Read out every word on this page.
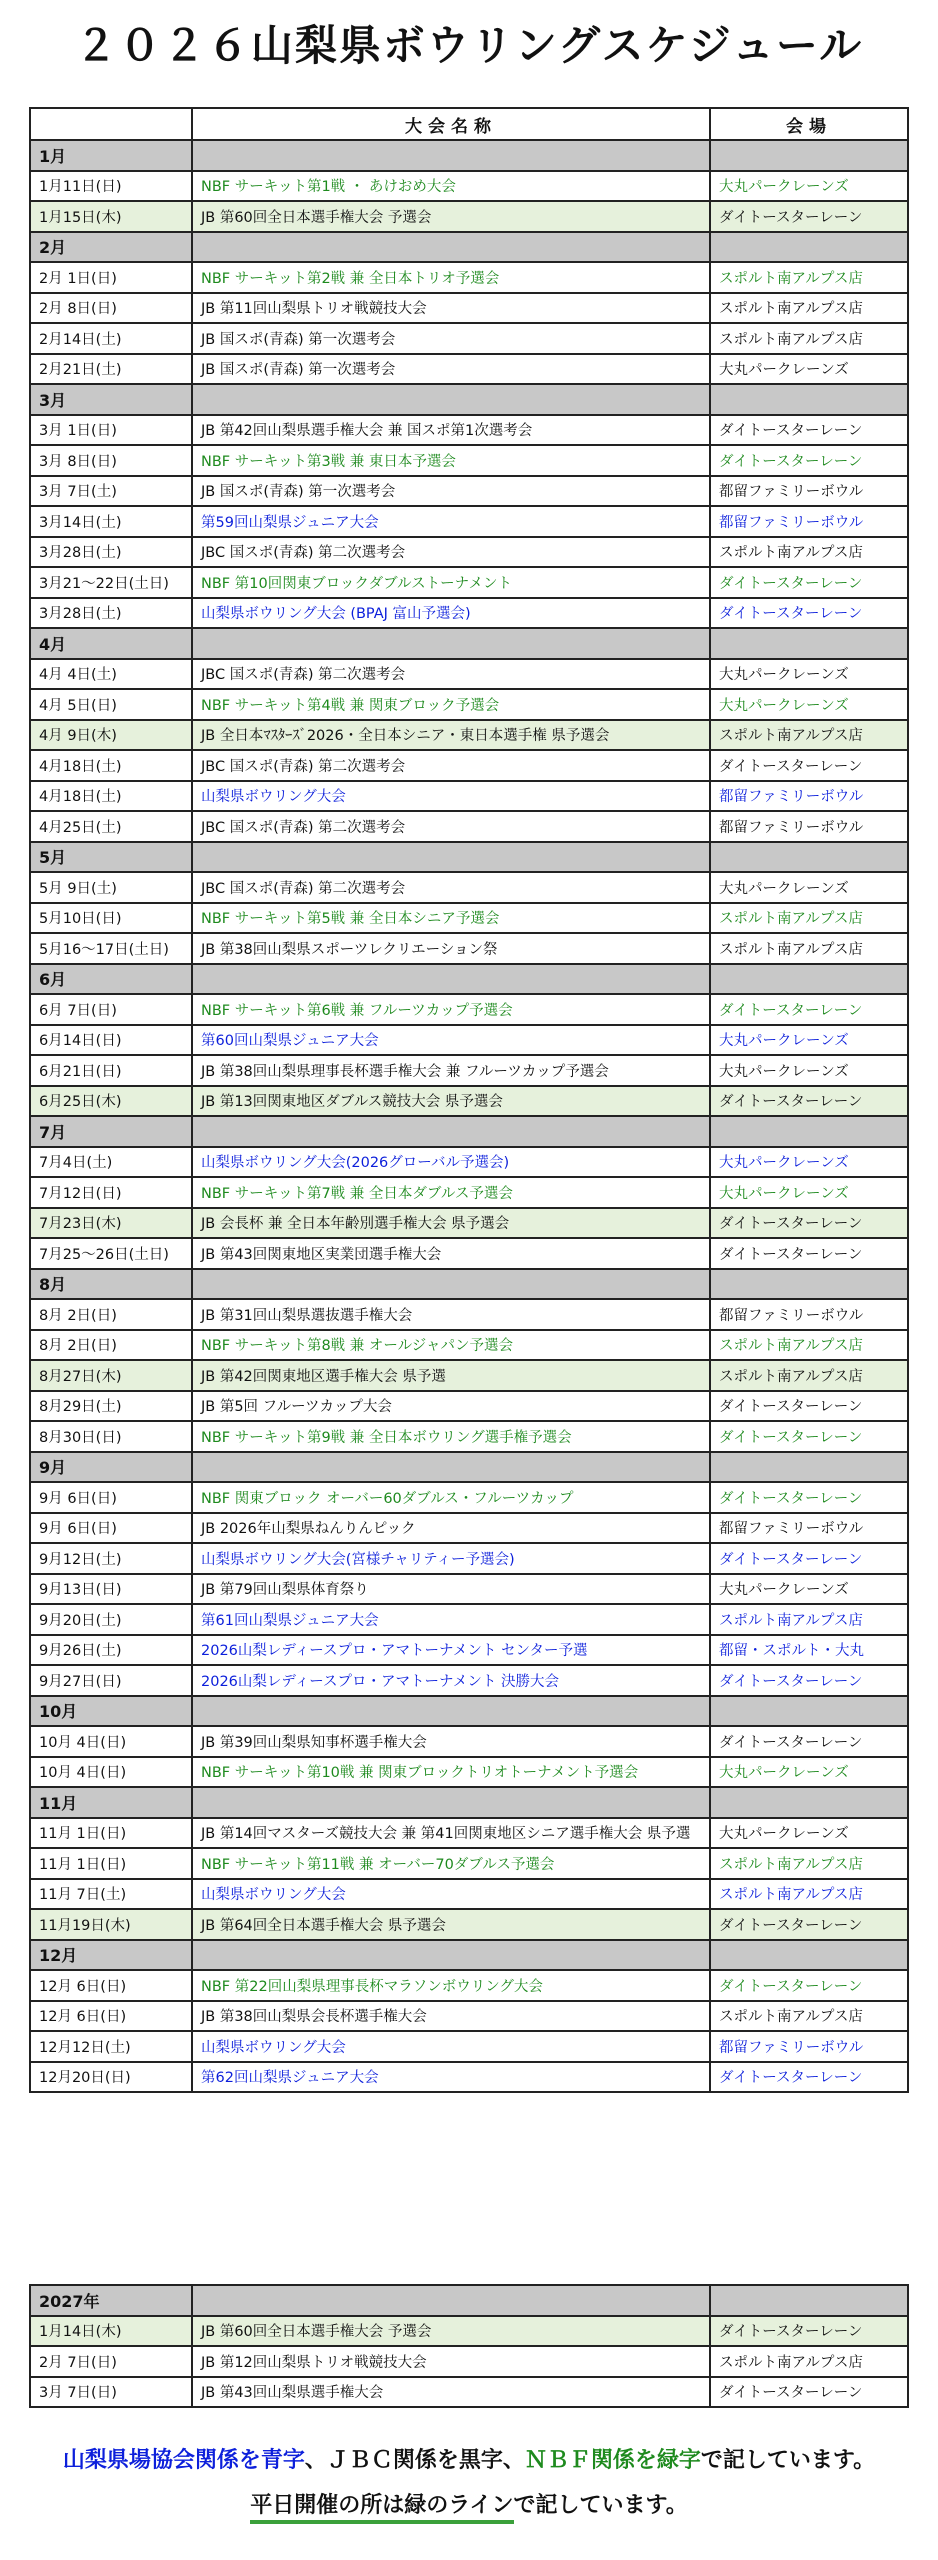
２０２６山梨県ボウリングスケジュール
	大会名称	会場
1月		
1月11日(日)	NBF サーキット第1戦 ・ あけおめ大会	大丸パークレーンズ
1月15日(木)	JB 第60回全日本選手権大会 予選会	ダイトースターレーン
2月		
2月 1日(日)	NBF サーキット第2戦 兼 全日本トリオ予選会	スポルト南アルプス店
2月 8日(日)	JB 第11回山梨県トリオ戦競技大会	スポルト南アルプス店
2月14日(土)	JB 国スポ(青森) 第一次選考会	スポルト南アルプス店
2月21日(土)	JB 国スポ(青森) 第一次選考会	大丸パークレーンズ
3月		
3月 1日(日)	JB 第42回山梨県選手権大会 兼 国スポ第1次選考会	ダイトースターレーン
3月 8日(日)	NBF サーキット第3戦 兼 東日本予選会	ダイトースターレーン
3月 7日(土)	JB 国スポ(青森) 第一次選考会	都留ファミリーボウル
3月14日(土)	第59回山梨県ジュニア大会	都留ファミリーボウル
3月28日(土)	JBC 国スポ(青森) 第二次選考会	スポルト南アルプス店
3月21～22日(土日)	NBF 第10回関東ブロックダブルストーナメント	ダイトースターレーン
3月28日(土)	山梨県ボウリング大会 (BPAJ 富山予選会)	ダイトースターレーン
4月		
4月 4日(土)	JBC 国スポ(青森) 第二次選考会	大丸パークレーンズ
4月 5日(日)	NBF サーキット第4戦 兼 関東ブロック予選会	大丸パークレーンズ
4月 9日(木)	JB 全日本ﾏｽﾀｰｽﾞ2026・全日本シニア・東日本選手権 県予選会	スポルト南アルプス店
4月18日(土)	JBC 国スポ(青森) 第二次選考会	ダイトースターレーン
4月18日(土)	山梨県ボウリング大会	都留ファミリーボウル
4月25日(土)	JBC 国スポ(青森) 第二次選考会	都留ファミリーボウル
5月		
5月 9日(土)	JBC 国スポ(青森) 第二次選考会	大丸パークレーンズ
5月10日(日)	NBF サーキット第5戦 兼 全日本シニア予選会	スポルト南アルプス店
5月16～17日(土日)	JB 第38回山梨県スポーツレクリエーション祭	スポルト南アルプス店
6月		
6月 7日(日)	NBF サーキット第6戦 兼 フルーツカップ予選会	ダイトースターレーン
6月14日(日)	第60回山梨県ジュニア大会	大丸パークレーンズ
6月21日(日)	JB 第38回山梨県理事長杯選手権大会 兼 フルーツカップ予選会	大丸パークレーンズ
6月25日(木)	JB 第13回関東地区ダブルス競技大会 県予選会	ダイトースターレーン
7月		
7月4日(土)	山梨県ボウリング大会(2026グローバル予選会)	大丸パークレーンズ
7月12日(日)	NBF サーキット第7戦 兼 全日本ダブルス予選会	大丸パークレーンズ
7月23日(木)	JB 会長杯 兼 全日本年齢別選手権大会 県予選会	ダイトースターレーン
7月25～26日(土日)	JB 第43回関東地区実業団選手権大会	ダイトースターレーン
8月		
8月 2日(日)	JB 第31回山梨県選抜選手権大会	都留ファミリーボウル
8月 2日(日)	NBF サーキット第8戦 兼 オールジャパン予選会	スポルト南アルプス店
8月27日(木)	JB 第42回関東地区選手権大会 県予選	スポルト南アルプス店
8月29日(土)	JB 第5回 フルーツカップ大会	ダイトースターレーン
8月30日(日)	NBF サーキット第9戦 兼 全日本ボウリング選手権予選会	ダイトースターレーン
9月		
9月 6日(日)	NBF 関東ブロック オーバー60ダブルス・フルーツカップ	ダイトースターレーン
9月 6日(日)	JB 2026年山梨県ねんりんピック	都留ファミリーボウル
9月12日(土)	山梨県ボウリング大会(宮様チャリティー予選会)	ダイトースターレーン
9月13日(日)	JB 第79回山梨県体育祭り	大丸パークレーンズ
9月20日(土)	第61回山梨県ジュニア大会	スポルト南アルプス店
9月26日(土)	2026山梨レディースプロ・アマトーナメント センター予選	都留・スポルト・大丸
9月27日(日)	2026山梨レディースプロ・アマトーナメント 決勝大会	ダイトースターレーン
10月		
10月 4日(日)	JB 第39回山梨県知事杯選手権大会	ダイトースターレーン
10月 4日(日)	NBF サーキット第10戦 兼 関東ブロックトリオトーナメント予選会	大丸パークレーンズ
11月		
11月 1日(日)	JB 第14回マスターズ競技大会 兼 第41回関東地区シニア選手権大会 県予選	大丸パークレーンズ
11月 1日(日)	NBF サーキット第11戦 兼 オーバー70ダブルス予選会	スポルト南アルプス店
11月 7日(土)	山梨県ボウリング大会	スポルト南アルプス店
11月19日(木)	JB 第64回全日本選手権大会 県予選会	ダイトースターレーン
12月		
12月 6日(日)	NBF 第22回山梨県理事長杯マラソンボウリング大会	ダイトースターレーン
12月 6日(日)	JB 第38回山梨県会長杯選手権大会	スポルト南アルプス店
12月12日(土)	山梨県ボウリング大会	都留ファミリーボウル
12月20日(日)	第62回山梨県ジュニア大会	ダイトースターレーン
2027年		
1月14日(木)	JB 第60回全日本選手権大会 予選会	ダイトースターレーン
2月 7日(日)	JB 第12回山梨県トリオ戦競技大会	スポルト南アルプス店
3月 7日(日)	JB 第43回山梨県選手権大会	ダイトースターレーン
山梨県場協会関係を青字、ＪＢＣ関係を黒字、ＮＢＦ関係を緑字で記しています。
平日開催の所は緑のラインで記しています。
